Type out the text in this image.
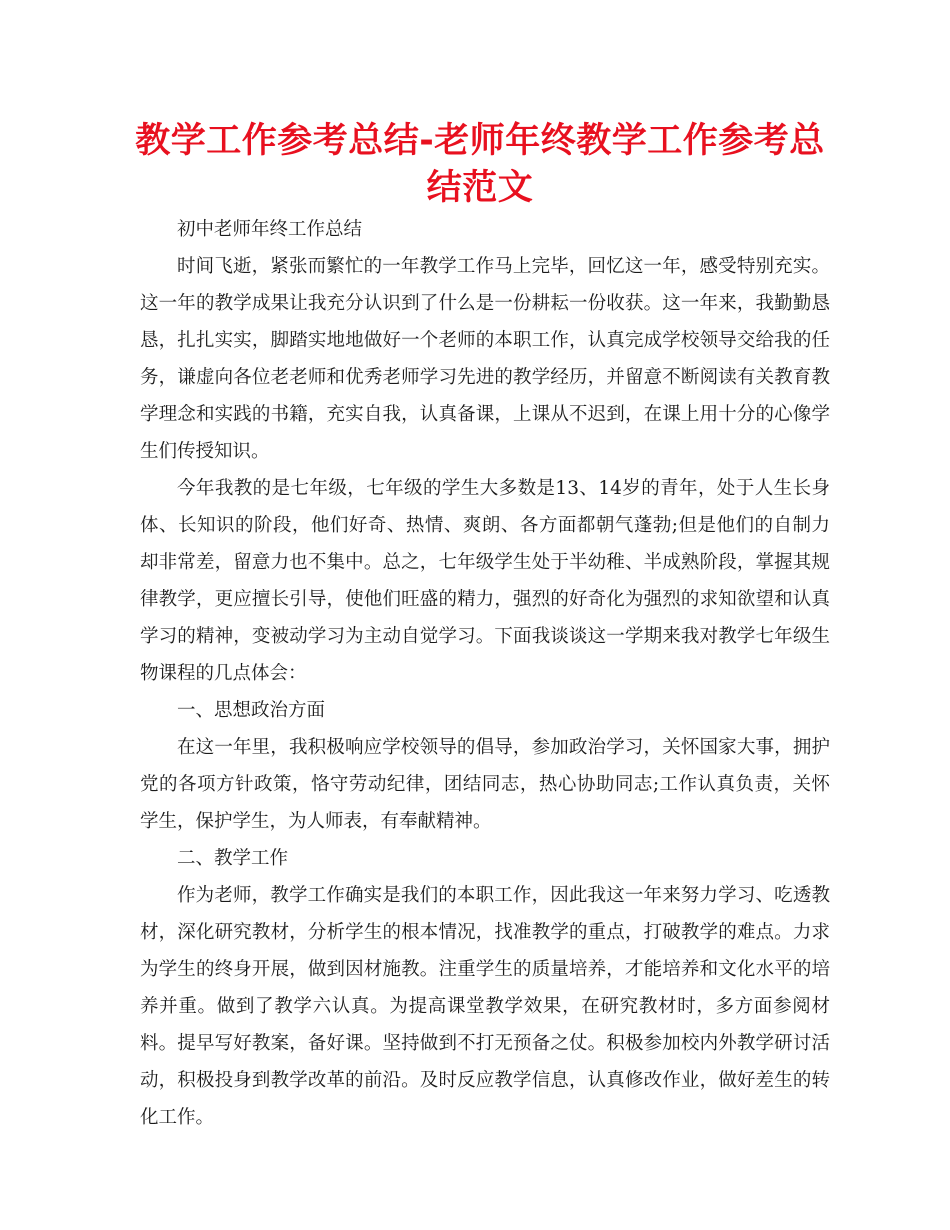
教学工作参考总结-老师年终教学工作参考总结范文

初中老师年终工作总结

时间飞逝，紧张而繁忙的一年教学工作马上完毕，回忆这一年，感受特别充实。这一年的教学成果让我充分认识到了什么是一份耕耘一份收获。这一年来，我勤勤恳恳，扎扎实实，脚踏实地地做好一个老师的本职工作，认真完成学校领导交给我的任务，谦虚向各位老老师和优秀老师学习先进的教学经历，并留意不断阅读有关教育教学理念和实践的书籍，充实自我，认真备课，上课从不迟到，在课上用十分的心像学生们传授知识。

今年我教的是七年级，七年级的学生大多数是13、14岁的青年，处于人生长身体、长知识的阶段，他们好奇、热情、爽朗、各方面都朝气蓬勃;但是他们的自制力却非常差，留意力也不集中。总之，七年级学生处于半幼稚、半成熟阶段，掌握其规律教学，更应擅长引导，使他们旺盛的精力，强烈的好奇化为强烈的求知欲望和认真学习的精神，变被动学习为主动自觉学习。下面我谈谈这一学期来我对教学七年级生物课程的几点体会：

一、思想政治方面

在这一年里，我积极响应学校领导的倡导，参加政治学习，关怀国家大事，拥护党的各项方针政策，恪守劳动纪律，团结同志，热心协助同志;工作认真负责，关怀学生，保护学生，为人师表，有奉献精神。

二、教学工作

作为老师，教学工作确实是我们的本职工作，因此我这一年来努力学习、吃透教材，深化研究教材，分析学生的根本情况，找准教学的重点，打破教学的难点。力求为学生的终身开展，做到因材施教。注重学生的质量培养，才能培养和文化水平的培养并重。做到了教学六认真。为提高课堂教学效果，在研究教材时，多方面参阅材料。提早写好教案，备好课。坚持做到不打无预备之仗。积极参加校内外教学研讨活动，积极投身到教学改革的前沿。及时反应教学信息，认真修改作业，做好差生的转化工作。
